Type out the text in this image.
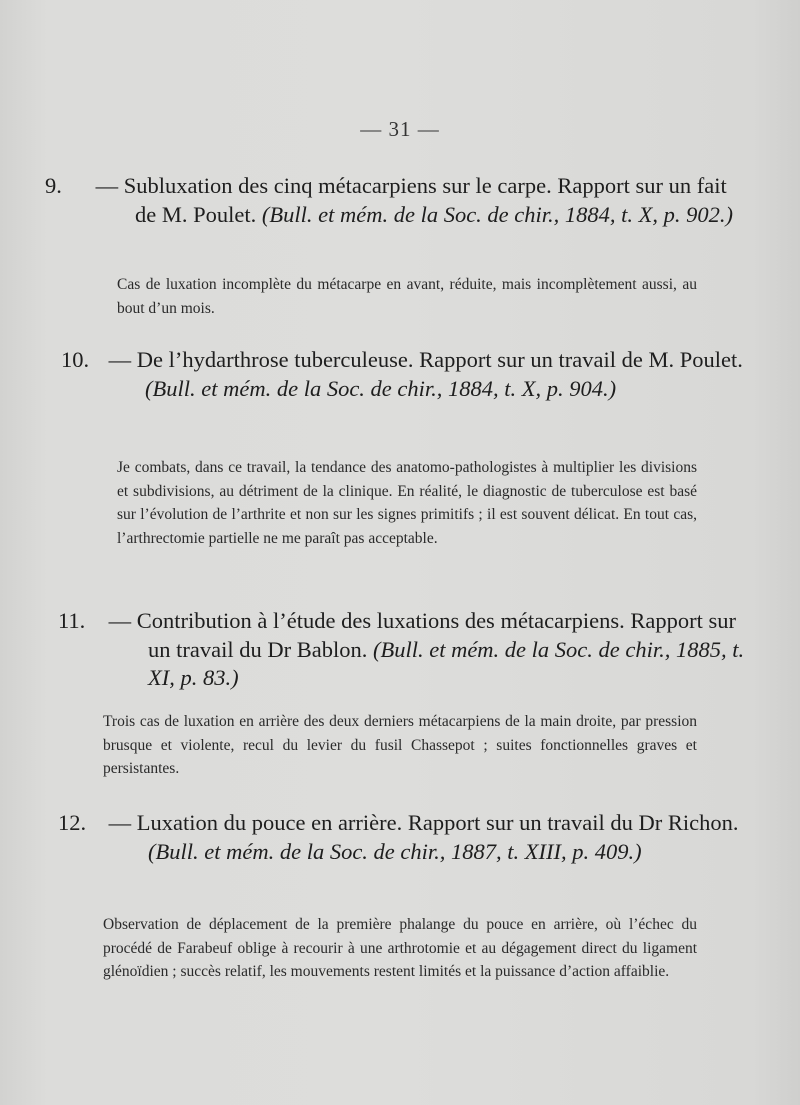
— 31 —
9. — Subluxation des cinq métacarpiens sur le carpe. Rapport sur un fait de M. Poulet. (Bull. et mém. de la Soc. de chir., 1884, t. X, p. 902.)
Cas de luxation incomplète du métacarpe en avant, réduite, mais incomplètement aussi, au bout d’un mois.
10. — De l’hydarthrose tuberculeuse. Rapport sur un travail de M. Poulet. (Bull. et mém. de la Soc. de chir., 1884, t. X, p. 904.)
Je combats, dans ce travail, la tendance des anatomo-pathologistes à multiplier les divisions et subdivisions, au détriment de la clinique. En réalité, le diagnostic de tuberculose est basé sur l’évolution de l’arthrite et non sur les signes primitifs ; il est souvent délicat. En tout cas, l’arthrectomie partielle ne me paraît pas acceptable.
11. — Contribution à l’étude des luxations des métacarpiens. Rapport sur un travail du Dr Bablon. (Bull. et mém. de la Soc. de chir., 1885, t. XI, p. 83.)
Trois cas de luxation en arrière des deux derniers métacarpiens de la main droite, par pression brusque et violente, recul du levier du fusil Chassepot ; suites fonctionnelles graves et persistantes.
12. — Luxation du pouce en arrière. Rapport sur un travail du Dr Richon. (Bull. et mém. de la Soc. de chir., 1887, t. XIII, p. 409.)
Observation de déplacement de la première phalange du pouce en arrière, où l’échec du procédé de Farabeuf oblige à recourir à une arthrotomie et au dégagement direct du ligament glénoïdien ; succès relatif, les mouvements restent limités et la puissance d’action affaiblie.
